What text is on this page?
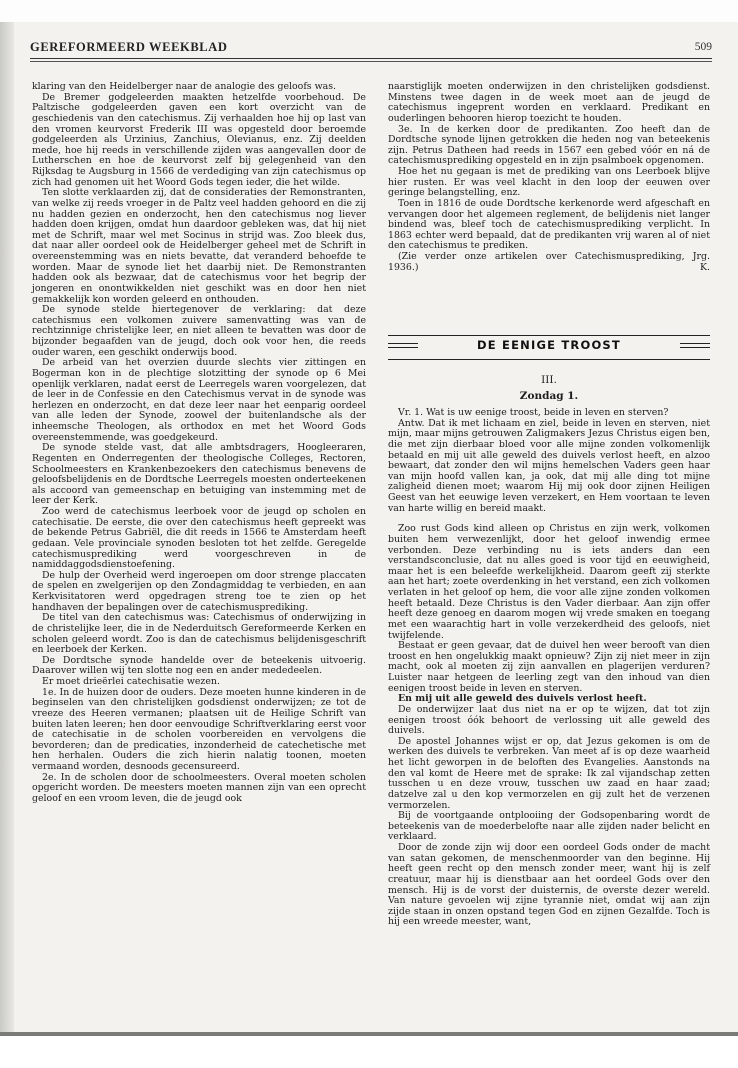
GEREFORMEERD WEEKBLAD	509

klaring van den Heidelberger naar de analogie des geloofs was.

De Bremer godgeleerden maakten hetzelfde voorbehoud. De Paltzische godgeleerden gaven een kort overzicht van de geschiedenis van den catechismus. Zij verhaalden hoe hij op last van den vromen keurvorst Frederik III was opgesteld door beroemde godgeleerden als Urzinius, Zanchius, Olevianus, enz. Zij deelden mede, hoe hij reeds in verschillende zijden was aangevallen door de Lutherschen en hoe de keurvorst zelf bij gelegenheid van den Rijksdag te Augsburg in 1566 de verdediging van zijn catechismus op zich had genomen uit het Woord Gods tegen ieder, die het wilde.

Ten slotte verklaarden zij, dat de consideraties der Remonstranten, van welke zij reeds vroeger in de Paltz veel hadden gehoord en die zij nu hadden gezien en onderzocht, hen den catechismus nog liever hadden doen krijgen, omdat hun daardoor gebleken was, dat hij niet met de Schrift, maar wel met Socinus in strijd was. Zoo bleek dus, dat naar aller oordeel ook de Heidelberger geheel met de Schrift in overeenstemming was en niets bevatte, dat veranderd behoefde te worden. Maar de synode liet het daarbij niet. De Remonstranten hadden ook als bezwaar, dat de catechismus voor het begrip der jongeren en onontwikkelden niet geschikt was en door hen niet gemakkelijk kon worden geleerd en onthouden.

De synode stelde hiertegenover de verklaring: dat deze catechismus een volkomen zuivere samenvatting was van de rechtzinnige christelijke leer, en niet alleen te bevatten was door de bijzonder begaafden van de jeugd, doch ook voor hen, die reeds ouder waren, een geschikt onderwijs bood.

De arbeid van het overzien duurde slechts vier zittingen en Bogerman kon in de plechtige slotzitting der synode op 6 Mei openlijk verklaren, nadat eerst de Leerregels waren voorgelezen, dat de leer in de Confessie en den Catechismus vervat in de synode was herlezen en onderzocht, en dat deze leer naar het eenparig oordeel van alle leden der Synode, zoowel der buitenlandsche als der inheemsche Theologen, als orthodox en met het Woord Gods overeenstemmende, was goedgekeurd.

De synode stelde vast, dat alle ambtsdragers, Hoogleeraren, Regenten en Onderregenten der theologische Colleges, Rectoren, Schoolmeesters en Krankenbezoekers den catechismus benevens de geloofsbelijdenis en de Dordtsche Leerregels moesten onderteekenen als accoord van gemeenschap en betuiging van instemming met de leer der Kerk.

Zoo werd de catechismus leerboek voor de jeugd op scholen en catechisatie. De eerste, die over den catechismus heeft gepreekt was de bekende Petrus Gabriël, die dit reeds in 1566 te Amsterdam heeft gedaan. Vele provinciale synoden besloten tot het zelfde. Geregelde catechismusprediking werd voorgeschreven in de namiddaggodsdienstoefening.

De hulp der Overheid werd ingeroepen om door strenge placcaten de spelen en zwelgerijen op den Zondagmiddag te verbieden, en aan Kerkvisitatoren werd opgedragen streng toe te zien op het handhaven der bepalingen over de catechismusprediking.

De titel van den catechismus was: Catechismus of onderwijzing in de christelijke leer, die in de Nederduitsch Gereformeerde Kerken en scholen geleerd wordt. Zoo is dan de catechismus belijdenisgeschrift en leerboek der Kerken.

De Dordtsche synode handelde over de beteekenis uitvoerig. Daarover willen wij ten slotte nog een en ander mededeelen.

Er moet drieërlei catechisatie wezen.

1e. In de huizen door de ouders. Deze moeten hunne kinderen in de beginselen van den christelijken godsdienst onderwijzen; ze tot de vreeze des Heeren vermanen; plaatsen uit de Heilige Schrift van buiten laten leeren; hen door eenvoudige Schriftverklaring eerst voor de catechisatie in de scholen voorbereiden en vervolgens die bevorderen; dan de predicaties, inzonderheid de catechetische met hen herhalen. Ouders die zich hierin nalatig toonen, moeten vermaand worden, desnoods gecensureerd.

2e. In de scholen door de schoolmeesters. Overal moeten scholen opgericht worden. De meesters moeten mannen zijn van een oprecht geloof en een vroom leven, die de jeugd ook

naarstiglijk moeten onderwijzen in den christelijken godsdienst. Minstens twee dagen in de week moet aan de jeugd de catechismus ingeprent worden en verklaard. Predikant en ouderlingen behooren hierop toezicht te houden.

3e. In de kerken door de predikanten. Zoo heeft dan de Dordtsche synode lijnen getrokken die heden nog van beteekenis zijn. Petrus Datheen had reeds in 1567 een gebed vóór en ná de catechismusprediking opgesteld en in zijn psalmboek opgenomen.

Hoe het nu gegaan is met de prediking van ons Leerboek blijve hier rusten. Er was veel klacht in den loop der eeuwen over geringe belangstelling, enz.

Toen in 1816 de oude Dordtsche kerkenorde werd afgeschaft en vervangen door het algemeen reglement, de belijdenis niet langer bindend was, bleef toch de catechismusprediking verplicht. In 1863 echter werd bepaald, dat de predikanten vrij waren al of niet den catechismus te prediken.

(Zie verder onze artikelen over Catechismusprediking, Jrg. 1936.)	K.

DE EENIGE TROOST
III.
Zondag 1.

Vr. 1. Wat is uw eenige troost, beide in leven en sterven?

Antw. Dat ik met lichaam en ziel, beide in leven en sterven, niet mijn, maar mijns getrouwen Zaligmakers Jezus Christus eigen ben, die met zijn dierbaar bloed voor alle mijne zonden volkomenlijk betaald en mij uit alle geweld des duivels verlost heeft, en alzoo bewaart, dat zonder den wil mijns hemelschen Vaders geen haar van mijn hoofd vallen kan, ja ook, dat mij alle ding tot mijne zaligheid dienen moet; waarom Hij mij ook door zijnen Heiligen Geest van het eeuwige leven verzekert, en Hem voortaan te leven van harte willig en bereid maakt.

Zoo rust Gods kind alleen op Christus en zijn werk, volkomen buiten hem verwezenlijkt, door het geloof inwendig ermee verbonden. Deze verbinding nu is iets anders dan een verstandsconclusie, dat nu alles goed is voor tijd en eeuwigheid, maar het is een beleefde werkelijkheid. Daarom geeft zij sterkte aan het hart; zoete overdenking in het verstand, een zich volkomen verlaten in het geloof op hem, die voor alle zijne zonden volkomen heeft betaald. Deze Christus is den Vader dierbaar. Aan zijn offer heeft deze genoeg en daarom mogen wij vrede smaken en toegang met een waarachtig hart in volle verzekerdheid des geloofs, niet twijfelende.

Bestaat er geen gevaar, dat de duivel hen weer berooft van dien troost en hen ongelukkig maakt opnieuw? Zijn zij niet meer in zijn macht, ook al moeten zij zijn aanvallen en plagerijen verduren? Luister naar hetgeen de leerling zegt van den inhoud van dien eenigen troost beide in leven en sterven.

En mij uit alle geweld des duivels verlost heeft.

De onderwijzer laat dus niet na er op te wijzen, dat tot zijn eenigen troost óók behoort de verlossing uit alle geweld des duivels.

De apostel Johannes wijst er op, dat Jezus gekomen is om de werken des duivels te verbreken. Van meet af is op deze waarheid het licht geworpen in de beloften des Evangelies. Aanstonds na den val komt de Heere met de sprake: Ik zal vijandschap zetten tusschen u en deze vrouw, tusschen uw zaad en haar zaad; datzelve zal u den kop vermorzelen en gij zult het de verzenen vermorzelen.

Bij de voortgaande ontplooiing der Godsopenbaring wordt de beteekenis van de moederbelofte naar alle zijden nader belicht en verklaard.

Door de zonde zijn wij door een oordeel Gods onder de macht van satan gekomen, de menschenmoorder van den beginne. Hij heeft geen recht op den mensch zonder meer, want hij is zelf creatuur, maar hij is dienstbaar aan het oordeel Gods over den mensch. Hij is de vorst der duisternis, de overste dezer wereld. Van nature gevoelen wij zijne tyrannie niet, omdat wij aan zijn zijde staan in onzen opstand tegen God en zijnen Gezalfde. Toch is hij een wreede meester, want,
